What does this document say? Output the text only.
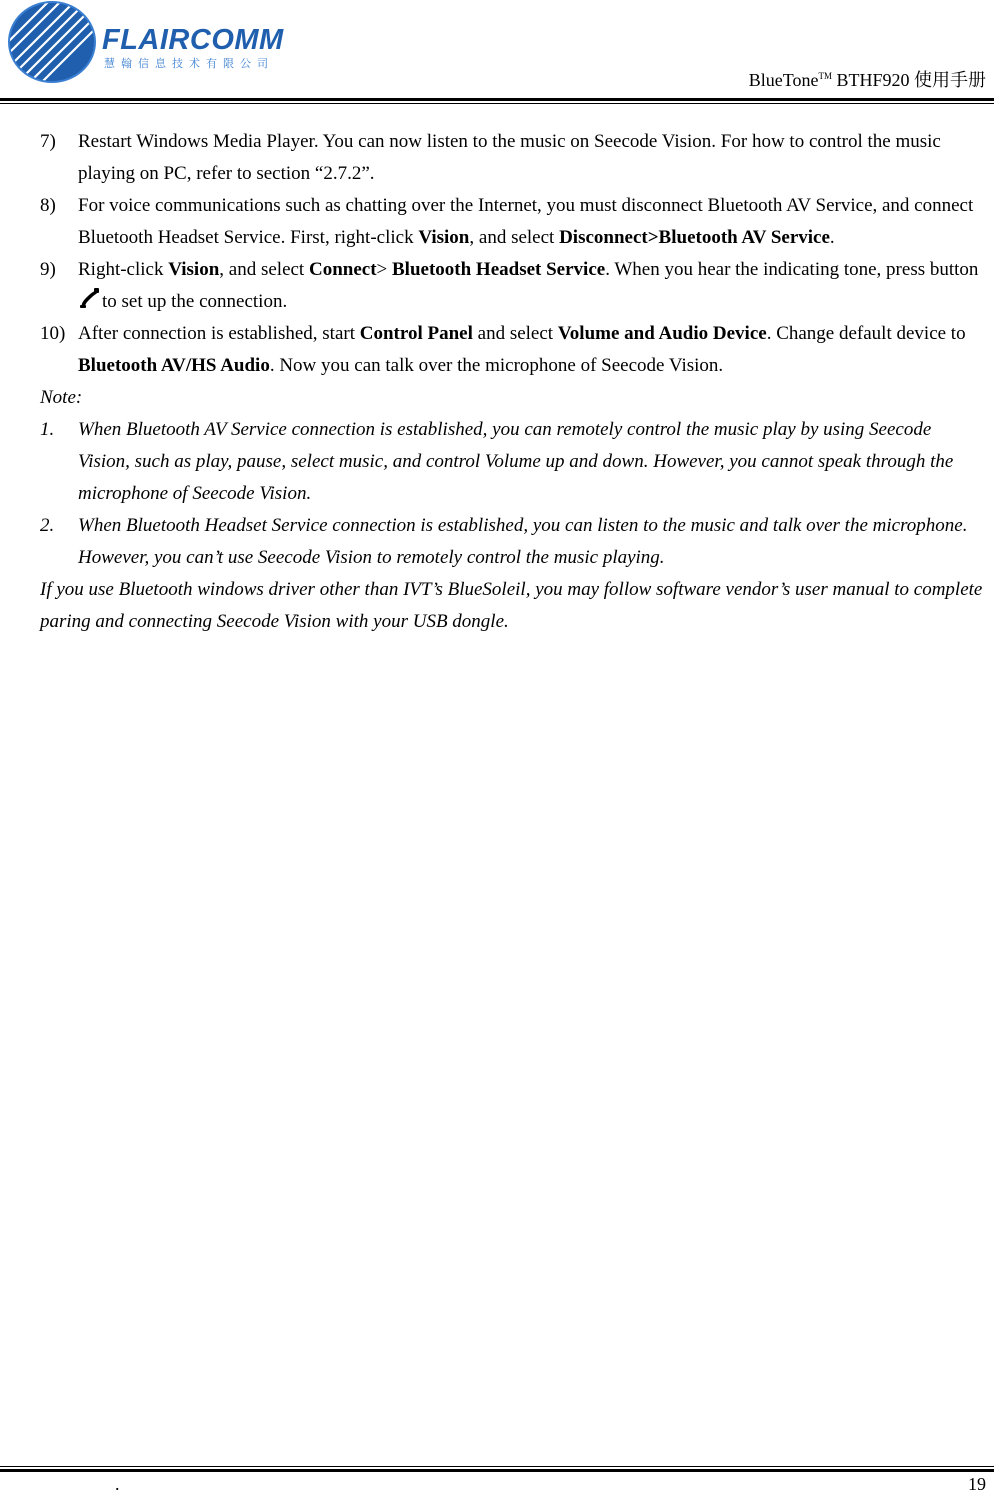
FLAIRCOMM
慧翰信息技术有限公司
BlueTone™ BTHF920 使用手册
7) Restart Windows Media Player. You can now listen to the music on Seecode Vision. For how to control the music playing on PC, refer to section “2.7.2”.
8) For voice communications such as chatting over the Internet, you must disconnect Bluetooth AV Service, and connect Bluetooth Headset Service. First, right-click Vision, and select Disconnect>Bluetooth AV Service.
9) Right-click Vision, and select Connect> Bluetooth Headset Service. When you hear the indicating tone, press button to set up the connection.
10) After connection is established, start Control Panel and select Volume and Audio Device. Change default device to Bluetooth AV/HS Audio. Now you can talk over the microphone of Seecode Vision.
Note:
1. When Bluetooth AV Service connection is established, you can remotely control the music play by using Seecode Vision, such as play, pause, select music, and control Volume up and down. However, you cannot speak through the microphone of Seecode Vision.
2. When Bluetooth Headset Service connection is established, you can listen to the music and talk over the microphone. However, you can’t use Seecode Vision to remotely control the music playing.
If you use Bluetooth windows driver other than IVT’s BlueSoleil, you may follow software vendor’s user manual to complete paring and connecting Seecode Vision with your USB dongle.
.	19
